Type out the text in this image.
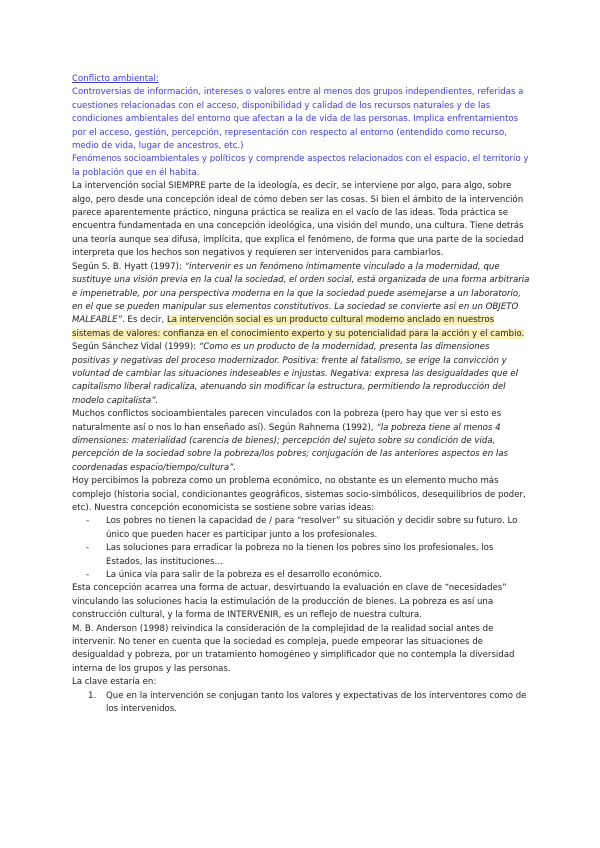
Conflicto ambiental:

Controversias de información, intereses o valores entre al menos dos grupos independientes, referidas a cuestiones relacionadas con el acceso, disponibilidad y calidad de los recursos naturales y de las condiciones ambientales del entorno que afectan a la de vida de las personas. Implica enfrentamientos por el acceso, gestión, percepción, representación con respecto al entorno (entendido como recurso, medio de vida, lugar de ancestros, etc.)

Fenómenos socioambientales y políticos y comprende aspectos relacionados con el espacio, el territorio y la población que en él habita.

La intervención social SIEMPRE parte de la ideología, es decir, se interviene por algo, para algo, sobre algo, pero desde una concepción ideal de cómo deben ser las cosas. Si bien el ámbito de la intervención parece aparentemente práctico, ninguna práctica se realiza en el vacío de las ideas. Toda práctica se encuentra fundamentada en una concepción ideológica, una visión del mundo, una cultura. Tiene detrás una teoría aunque sea difusa, implícita, que explica el fenómeno, de forma que una parte de la sociedad interpreta que los hechos son negativos y requieren ser intervenidos para cambiarlos.

Según S. B. Hyatt (1997): “intervenir es un fenómeno íntimamente vinculado a la modernidad, que sustituye una visión previa en la cual la sociedad, el orden social, está organizada de una forma arbitraria e impenetrable, por una perspectiva moderna en la que la sociedad puede asemejarse a un laboratorio, en el que se pueden manipular sus elementos constitutivos. La sociedad se convierte así en un OBJETO MALEABLE”. Es decir, La intervención social es un producto cultural moderno anclado en nuestros sistemas de valores: confianza en el conocimiento experto y su potencialidad para la acción y el cambio.

Según Sánchez Vidal (1999): “Como es un producto de la modernidad, presenta las dimensiones positivas y negativas del proceso modernizador. Positiva: frente al fatalismo, se erige la convicción y voluntad de cambiar las situaciones indeseables e injustas. Negativa: expresa las desigualdades que el capitalismo liberal radicaliza, atenuando sin modificar la estructura, permitiendo la reproducción del modelo capitalista”.

Muchos conflictos socioambientales parecen vinculados con la pobreza (pero hay que ver si esto es naturalmente así o nos lo han enseñado así). Según Rahnema (1992), “la pobreza tiene al menos 4 dimensiones: materialidad (carencia de bienes); percepción del sujeto sobre su condición de vida, percepción de la sociedad sobre la pobreza/los pobres; conjugación de las anteriores aspectos en las coordenadas espacio/tiempo/cultura”.

Hoy percibimos la pobreza como un problema económico, no obstante es un elemento mucho más complejo (historia social, condicionantes geográficos, sistemas socio-simbólicos, desequilibrios de poder, etc). Nuestra concepción economicista se sostiene sobre varias ideas:

- Los pobres no tienen la capacidad de / para “resolver” su situación y decidir sobre su futuro. Lo único que pueden hacer es participar junto a los profesionales.
- Las soluciones para erradicar la pobreza no la tienen los pobres sino los profesionales, los Estados, las instituciones…
- La única vía para salir de la pobreza es el desarrollo económico.

Esta concepción acarrea una forma de actuar, desvirtuando la evaluación en clave de “necesidades” vinculando las soluciones hacia la estimulación de la producción de bienes. La pobreza es así una construcción cultural, y la forma de INTERVENIR, es un reflejo de nuestra cultura.

M. B. Anderson (1998) reivindica la consideración de la complejidad de la realidad social antes de intervenir. No tener en cuenta que la sociedad es compleja, puede empeorar las situaciones de desigualdad y pobreza, por un tratamiento homogéneo y simplificador que no contempla la diversidad interna de los grupos y las personas.

La clave estaría en:

1. Que en la intervención se conjugan tanto los valores y expectativas de los interventores como de los intervenidos.
